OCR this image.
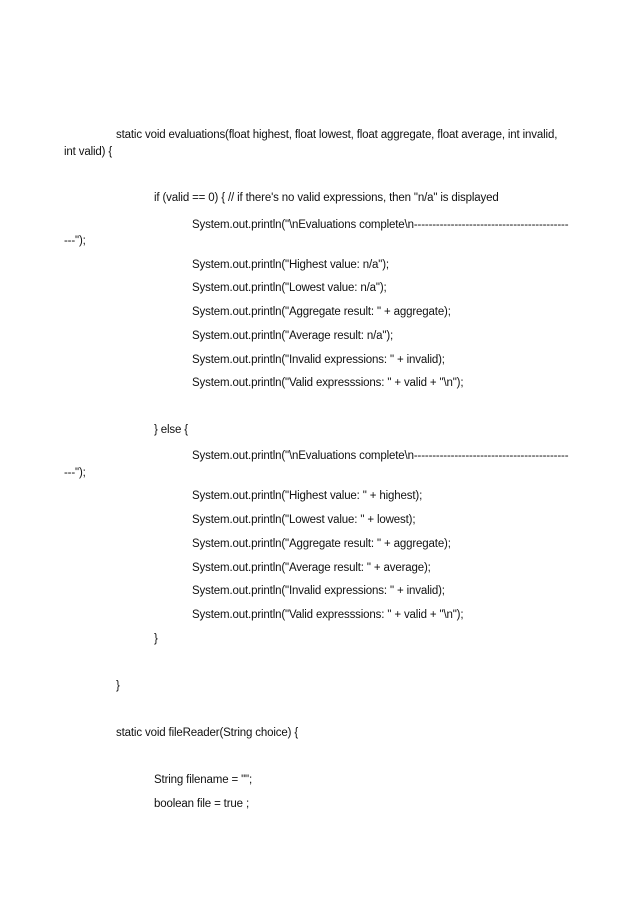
static void evaluations(float highest, float lowest, float aggregate, float average, int invalid,
int valid) {
if (valid == 0) { // if there's no valid expressions, then "n/a" is displayed
System.out.println("\nEvaluations complete\n------------------------------------------
---");
System.out.println("Highest value: n/a");
System.out.println("Lowest value: n/a");
System.out.println("Aggregate result: " + aggregate);
System.out.println("Average result: n/a");
System.out.println("Invalid expressions: " + invalid);
System.out.println("Valid expresssions: " + valid + "\n");
} else {
System.out.println("\nEvaluations complete\n------------------------------------------
---");
System.out.println("Highest value: " + highest);
System.out.println("Lowest value: " + lowest);
System.out.println("Aggregate result: " + aggregate);
System.out.println("Average result: " + average);
System.out.println("Invalid expressions: " + invalid);
System.out.println("Valid expresssions: " + valid + "\n");
}
}
static void fileReader(String choice) {
String filename = "";
boolean file = true ;
